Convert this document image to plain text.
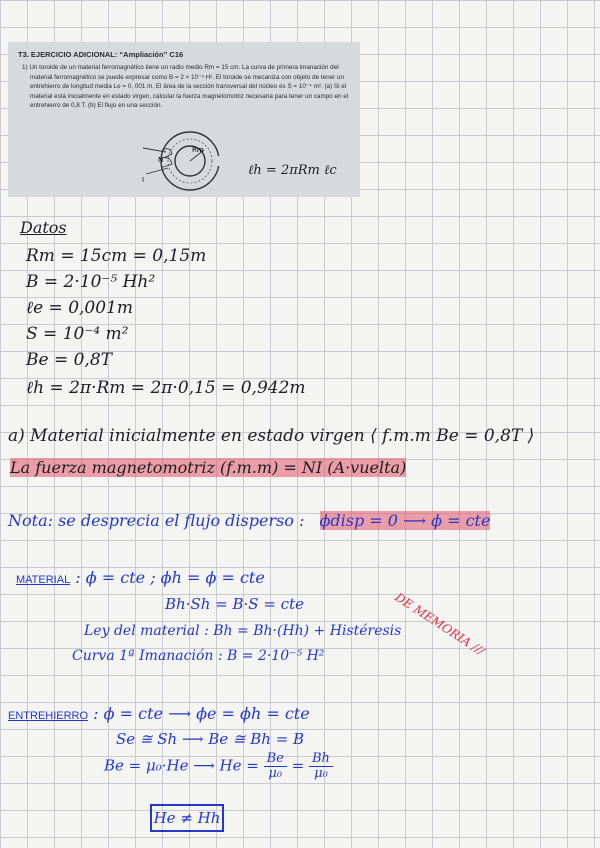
T3. EJERCICIO ADICIONAL: “Ampliación” C16
1) Un toroide de un material ferromagnético tiene un radio medio Rm = 15 cm. La curva de primera imanación del material ferromagnético se puede expresar como B = 2 × 10⁻⁵ H². El toroide se mecaniza con objeto de tener un entrehierro de longitud media Le = 0, 001 m. El área de la sección transversal del núcleo es S = 10⁻⁴ m². (a) Si el material está inicialmente en estado virgen, calcular la fuerza magnetomotriz necesaria para tener un campo en el entrehierro de 0,8 T. (b) El flujo en una sección.
Rm
N
I
ℓh = 2πRm ℓc
Datos
Rm = 15cm = 0,15m
B = 2·10⁻⁵ Hh²
ℓe = 0,001m
S = 10⁻⁴ m²
Be = 0,8T
ℓh = 2π·Rm = 2π·0,15 = 0,942m
a) Material inicialmente en estado virgen ⟨ f.m.m Be = 0,8T ⟩
La fuerza magnetomotriz (f.m.m) = NI (A·vuelta)
Nota: se desprecia el flujo disperso : ϕdisp = 0 ⟶ ϕ = cte
MATERIAL : ϕ = cte ; ϕh = ϕ = cte
Bh·Sh = B·S = cte
Ley del material : Bh = Bh·(Hh) + Histéresis
Curva 1ª Imanación : B = 2·10⁻⁵ H²	DE MEMORIA ///
ENTREHIERRO : ϕ = cte ⟶ ϕe = ϕh = cte
Se ≅ Sh ⟶ Be ≅ Bh = B
Be = μ₀·He ⟶ $He = \frac{Be}{\text{μ₀}} = \frac{Bh}{\text{μ₀}}$
He ≠ Hh
